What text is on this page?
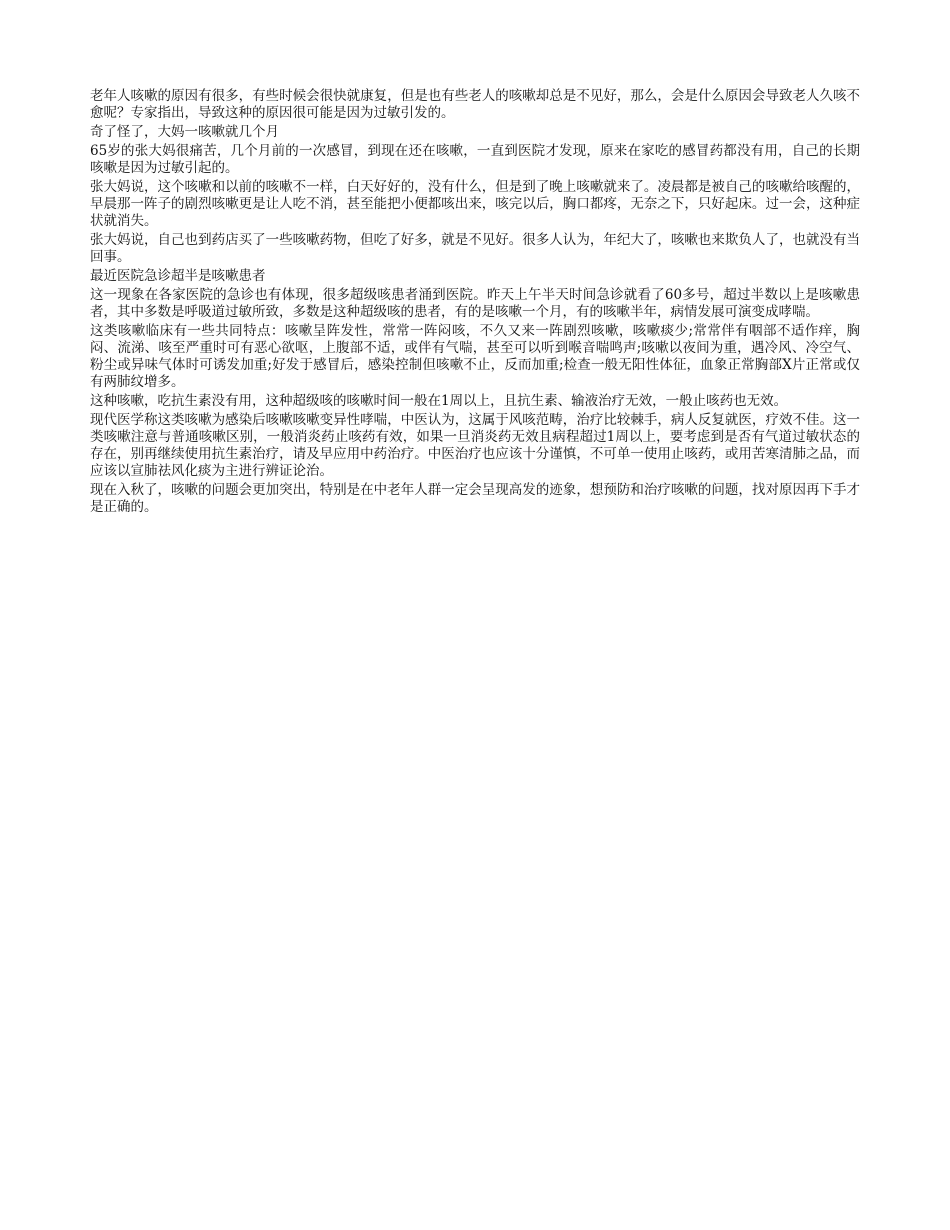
老年人咳嗽的原因有很多，有些时候会很快就康复，但是也有些老人的咳嗽却总是不见好，那么，会是什么原因会导致老人久咳不愈呢？专家指出，导致这种的原因很可能是因为过敏引发的。

奇了怪了，大妈一咳嗽就几个月

65岁的张大妈很痛苦，几个月前的一次感冒，到现在还在咳嗽，一直到医院才发现，原来在家吃的感冒药都没有用，自己的长期咳嗽是因为过敏引起的。

张大妈说，这个咳嗽和以前的咳嗽不一样，白天好好的，没有什么，但是到了晚上咳嗽就来了。凌晨都是被自己的咳嗽给咳醒的，早晨那一阵子的剧烈咳嗽更是让人吃不消，甚至能把小便都咳出来，咳完以后，胸口都疼，无奈之下，只好起床。过一会，这种症状就消失。

张大妈说，自己也到药店买了一些咳嗽药物，但吃了好多，就是不见好。很多人认为，年纪大了，咳嗽也来欺负人了，也就没有当回事。

最近医院急诊超半是咳嗽患者

这一现象在各家医院的急诊也有体现，很多超级咳患者涌到医院。昨天上午半天时间急诊就看了60多号，超过半数以上是咳嗽患者，其中多数是呼吸道过敏所致，多数是这种超级咳的患者，有的是咳嗽一个月，有的咳嗽半年，病情发展可演变成哮喘。

这类咳嗽临床有一些共同特点：咳嗽呈阵发性，常常一阵闷咳，不久又来一阵剧烈咳嗽，咳嗽痰少;常常伴有咽部不适作痒，胸闷、流涕、咳至严重时可有恶心欲呕，上腹部不适，或伴有气喘，甚至可以听到喉音喘鸣声;咳嗽以夜间为重，遇冷风、冷空气、粉尘或异味气体时可诱发加重;好发于感冒后，感染控制但咳嗽不止，反而加重;检查一般无阳性体征，血象正常胸部X片正常或仅有两肺纹增多。

这种咳嗽，吃抗生素没有用，这种超级咳的咳嗽时间一般在1周以上，且抗生素、输液治疗无效，一般止咳药也无效。

现代医学称这类咳嗽为感染后咳嗽咳嗽变异性哮喘，中医认为，这属于风咳范畴，治疗比较棘手，病人反复就医，疗效不佳。这一类咳嗽注意与普通咳嗽区别，一般消炎药止咳药有效，如果一旦消炎药无效且病程超过1周以上，要考虑到是否有气道过敏状态的存在，别再继续使用抗生素治疗，请及早应用中药治疗。中医治疗也应该十分谨慎，不可单一使用止咳药，或用苦寒清肺之品，而应该以宣肺祛风化痰为主进行辨证论治。

现在入秋了，咳嗽的问题会更加突出，特别是在中老年人群一定会呈现高发的迹象，想预防和治疗咳嗽的问题，找对原因再下手才是正确的。
